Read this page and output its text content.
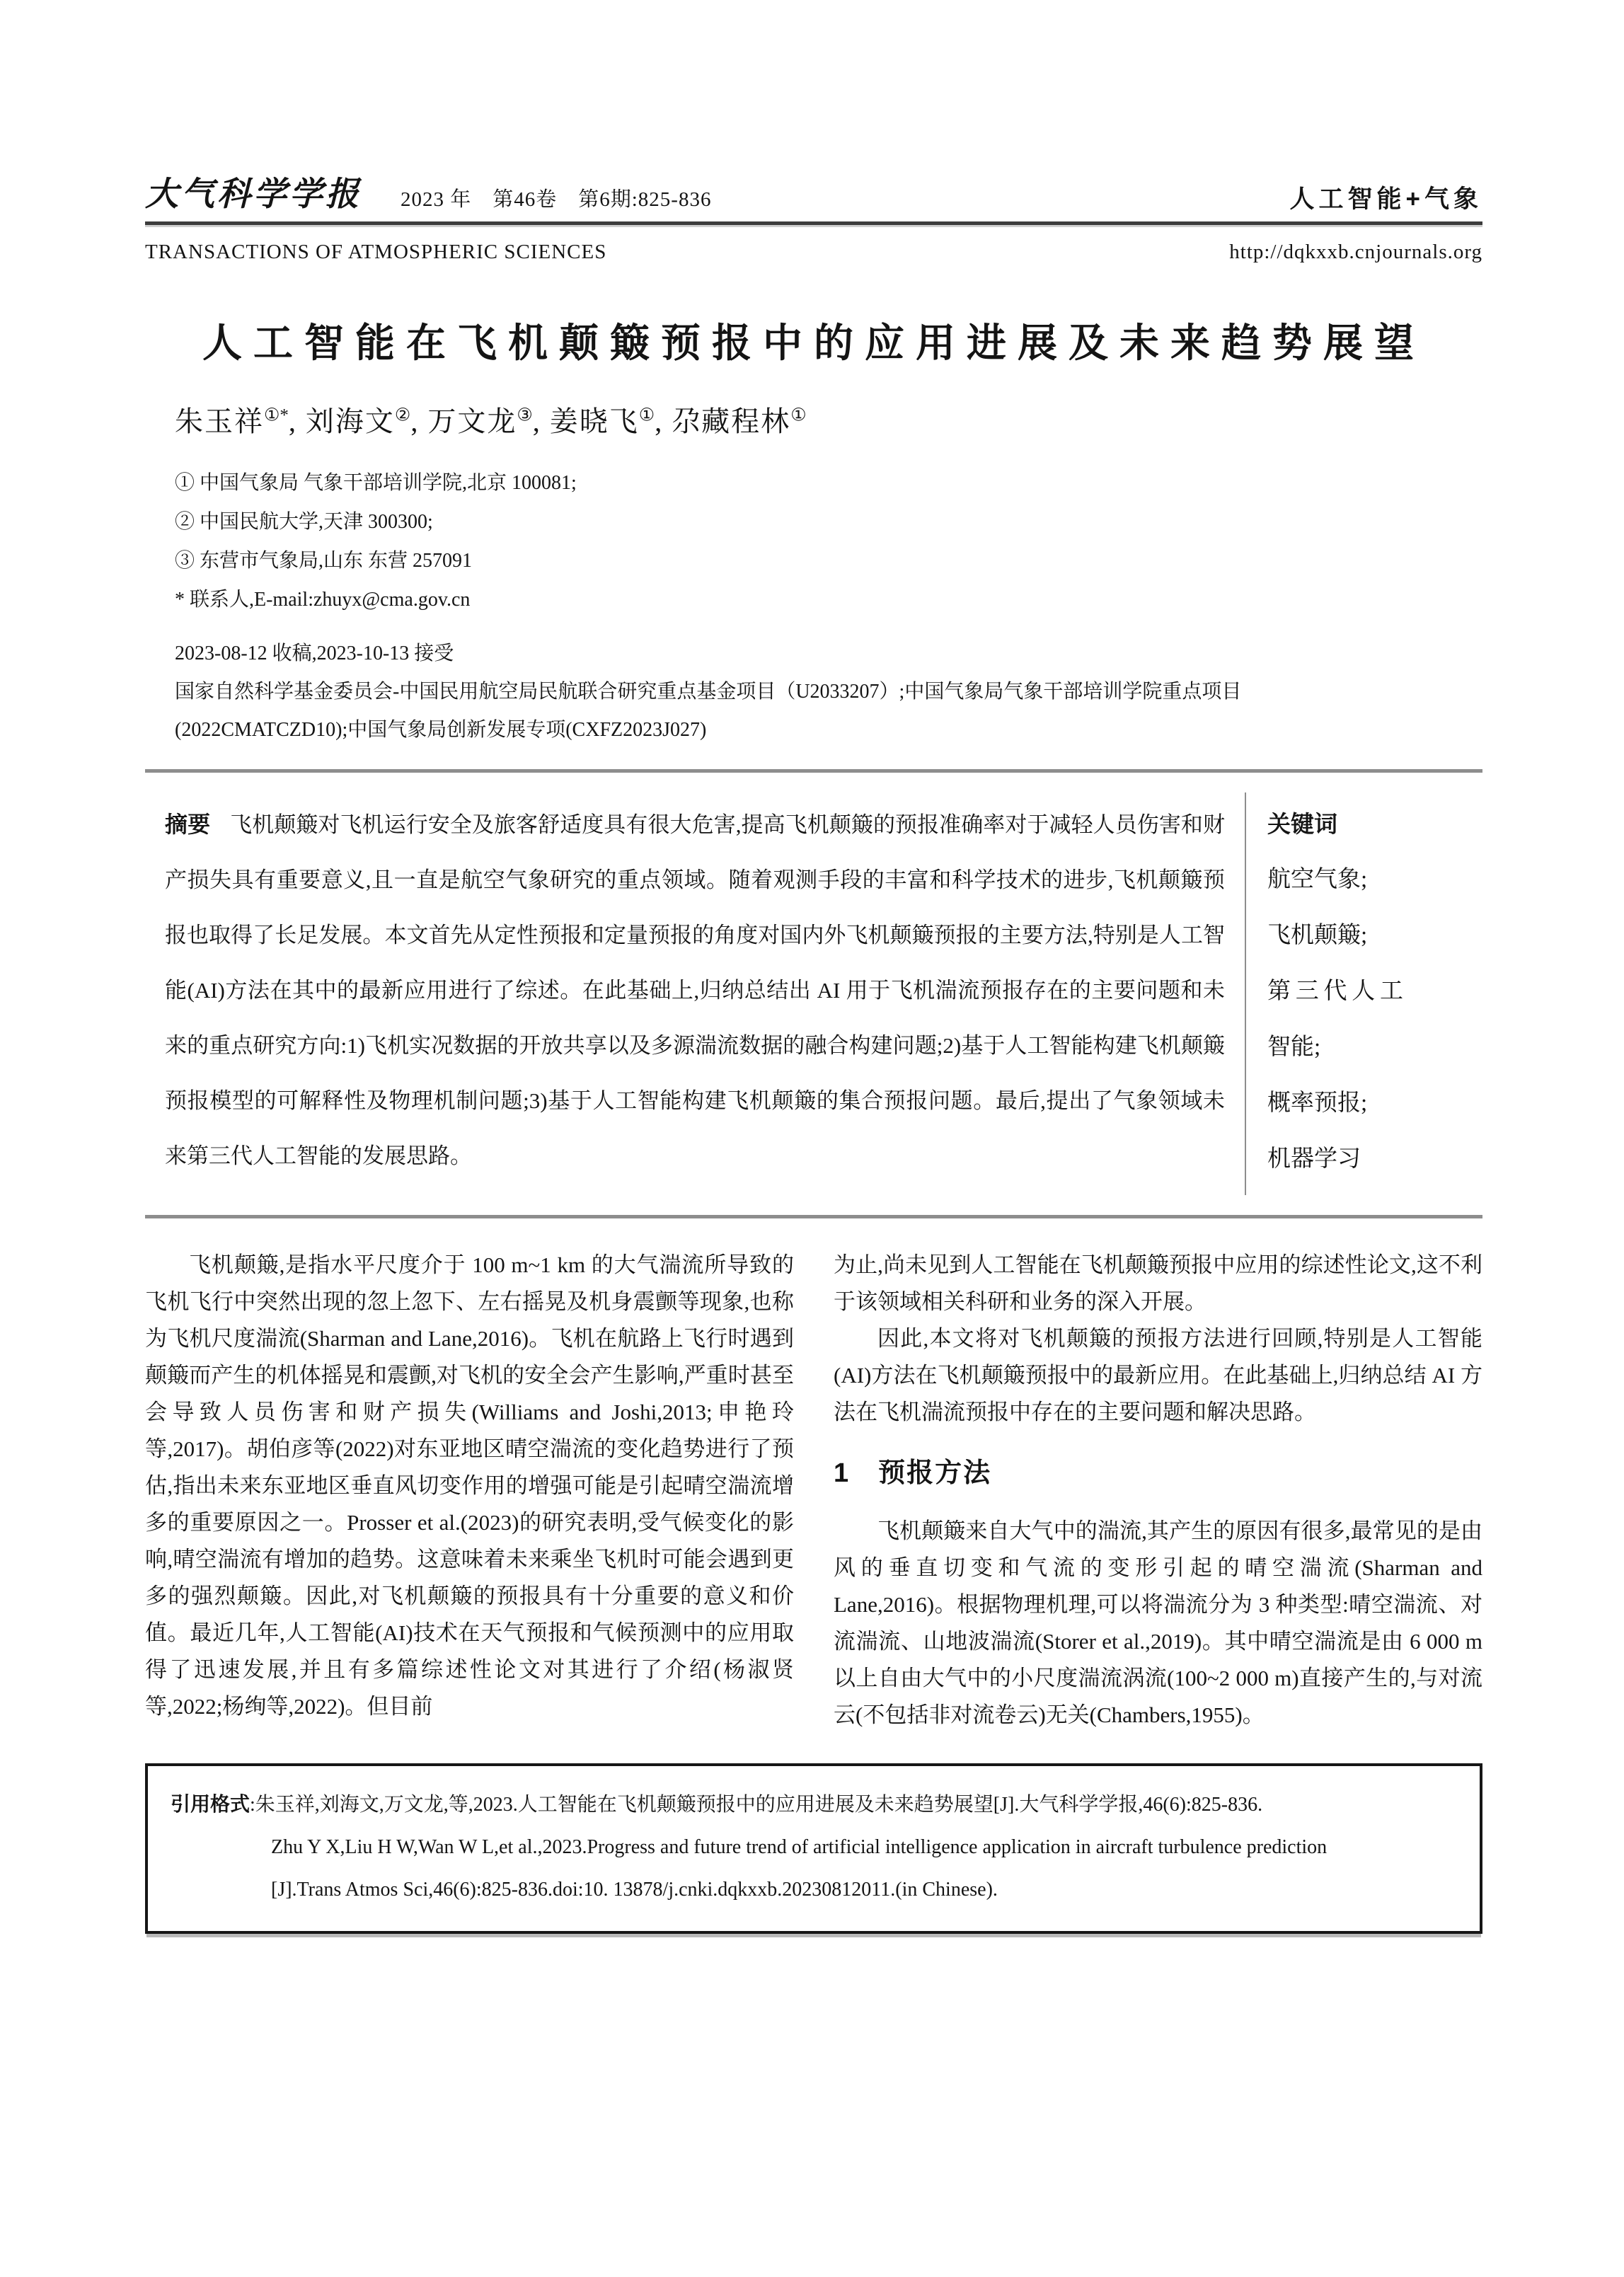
大气科学学报 2023 年　第46卷　第6期:825-836	人工智能+气象
TRANSACTIONS OF ATMOSPHERIC SCIENCES	http://dqkxxb.cnjournals.org
人工智能在飞机颠簸预报中的应用进展及未来趋势展望
朱玉祥①*, 刘海文②, 万文龙③, 姜晓飞①, 尕藏程林①
① 中国气象局 气象干部培训学院,北京 100081;
② 中国民航大学,天津 300300;
③ 东营市气象局,山东 东营 257091
* 联系人,E-mail:zhuyx@cma.gov.cn
2023-08-12 收稿,2023-10-13 接受
国家自然科学基金委员会-中国民用航空局民航联合研究重点基金项目（U2033207）;中国气象局气象干部培训学院重点项目
(2022CMATCZD10);中国气象局创新发展专项(CXFZ2023J027)
摘要 飞机颠簸对飞机运行安全及旅客舒适度具有很大危害,提高飞机颠簸的预报准确率对于减轻人员伤害和财产损失具有重要意义,且一直是航空气象研究的重点领域。随着观测手段的丰富和科学技术的进步,飞机颠簸预报也取得了长足发展。本文首先从定性预报和定量预报的角度对国内外飞机颠簸预报的主要方法,特别是人工智能(AI)方法在其中的最新应用进行了综述。在此基础上,归纳总结出 AI 用于飞机湍流预报存在的主要问题和未来的重点研究方向:1)飞机实况数据的开放共享以及多源湍流数据的融合构建问题;2)基于人工智能构建飞机颠簸预报模型的可解释性及物理机制问题;3)基于人工智能构建飞机颠簸的集合预报问题。最后,提出了气象领域未来第三代人工智能的发展思路。
关键词
航空气象;
飞机颠簸;
第三代人工智能;
概率预报;
机器学习

飞机颠簸,是指水平尺度介于 100 m~1 km 的大气湍流所导致的飞机飞行中突然出现的忽上忽下、左右摇晃及机身震颤等现象,也称为飞机尺度湍流(Sharman and Lane,2016)。飞机在航路上飞行时遇到颠簸而产生的机体摇晃和震颤,对飞机的安全会产生影响,严重时甚至会导致人员伤害和财产损失(Williams and Joshi,2013;申艳玲等,2017)。胡伯彦等(2022)对东亚地区晴空湍流的变化趋势进行了预估,指出未来东亚地区垂直风切变作用的增强可能是引起晴空湍流增多的重要原因之一。Prosser et al.(2023)的研究表明,受气候变化的影响,晴空湍流有增加的趋势。这意味着未来乘坐飞机时可能会遇到更多的强烈颠簸。因此,对飞机颠簸的预报具有十分重要的意义和价值。最近几年,人工智能(AI)技术在天气预报和气候预测中的应用取得了迅速发展,并且有多篇综述性论文对其进行了介绍(杨淑贤等,2022;杨绚等,2022)。但目前

为止,尚未见到人工智能在飞机颠簸预报中应用的综述性论文,这不利于该领域相关科研和业务的深入开展。

因此,本文将对飞机颠簸的预报方法进行回顾,特别是人工智能(AI)方法在飞机颠簸预报中的最新应用。在此基础上,归纳总结 AI 方法在飞机湍流预报中存在的主要问题和解决思路。

1　预报方法

飞机颠簸来自大气中的湍流,其产生的原因有很多,最常见的是由风的垂直切变和气流的变形引起的晴空湍流(Sharman and Lane,2016)。根据物理机理,可以将湍流分为 3 种类型:晴空湍流、对流湍流、山地波湍流(Storer et al.,2019)。其中晴空湍流是由 6 000 m 以上自由大气中的小尺度湍流涡流(100~2 000 m)直接产生的,与对流云(不包括非对流卷云)无关(Chambers,1955)。

引用格式:朱玉祥,刘海文,万文龙,等,2023.人工智能在飞机颠簸预报中的应用进展及未来趋势展望[J].大气科学学报,46(6):825-836.
Zhu Y X,Liu H W,Wan W L,et al.,2023.Progress and future trend of artificial intelligence application in aircraft turbulence prediction
[J].Trans Atmos Sci,46(6):825-836.doi:10. 13878/j.cnki.dqkxxb.20230812011.(in Chinese).
